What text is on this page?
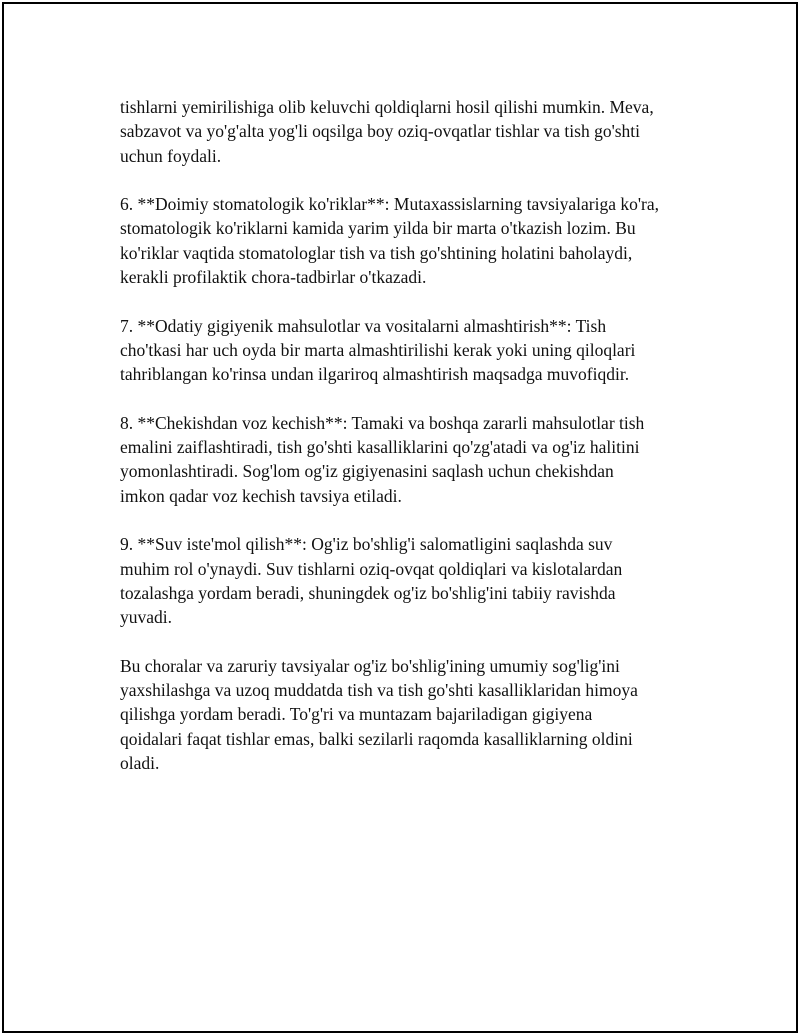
tishlarni yemirilishiga olib keluvchi qoldiqlarni hosil qilishi mumkin. Meva,
sabzavot va yo'g'alta yog'li oqsilga boy oziq-ovqatlar tishlar va tish go'shti
uchun foydali.

6. **Doimiy stomatologik ko'riklar**: Mutaxassislarning tavsiyalariga ko'ra,
stomatologik ko'riklarni kamida yarim yilda bir marta o'tkazish lozim. Bu
ko'riklar vaqtida stomatologlar tish va tish go'shtining holatini baholaydi,
kerakli profilaktik chora-tadbirlar o'tkazadi.

7. **Odatiy gigiyenik mahsulotlar va vositalarni almashtirish**: Tish
cho'tkasi har uch oyda bir marta almashtirilishi kerak yoki uning qiloqlari
tahriblangan ko'rinsa undan ilgariroq almashtirish maqsadga muvofiqdir.

8. **Chekishdan voz kechish**: Tamaki va boshqa zararli mahsulotlar tish
emalini zaiflashtiradi, tish go'shti kasalliklarini qo'zg'atadi va og'iz halitini
yomonlashtiradi. Sog'lom og'iz gigiyenasini saqlash uchun chekishdan
imkon qadar voz kechish tavsiya etiladi.

9. **Suv iste'mol qilish**: Og'iz bo'shlig'i salomatligini saqlashda suv
muhim rol o'ynaydi. Suv tishlarni oziq-ovqat qoldiqlari va kislotalardan
tozalashga yordam beradi, shuningdek og'iz bo'shlig'ini tabiiy ravishda
yuvadi.

Bu choralar va zaruriy tavsiyalar og'iz bo'shlig'ining umumiy sog'lig'ini
yaxshilashga va uzoq muddatda tish va tish go'shti kasalliklaridan himoya
qilishga yordam beradi. To'g'ri va muntazam bajariladigan gigiyena
qoidalari faqat tishlar emas, balki sezilarli raqomda kasalliklarning oldini
oladi.
